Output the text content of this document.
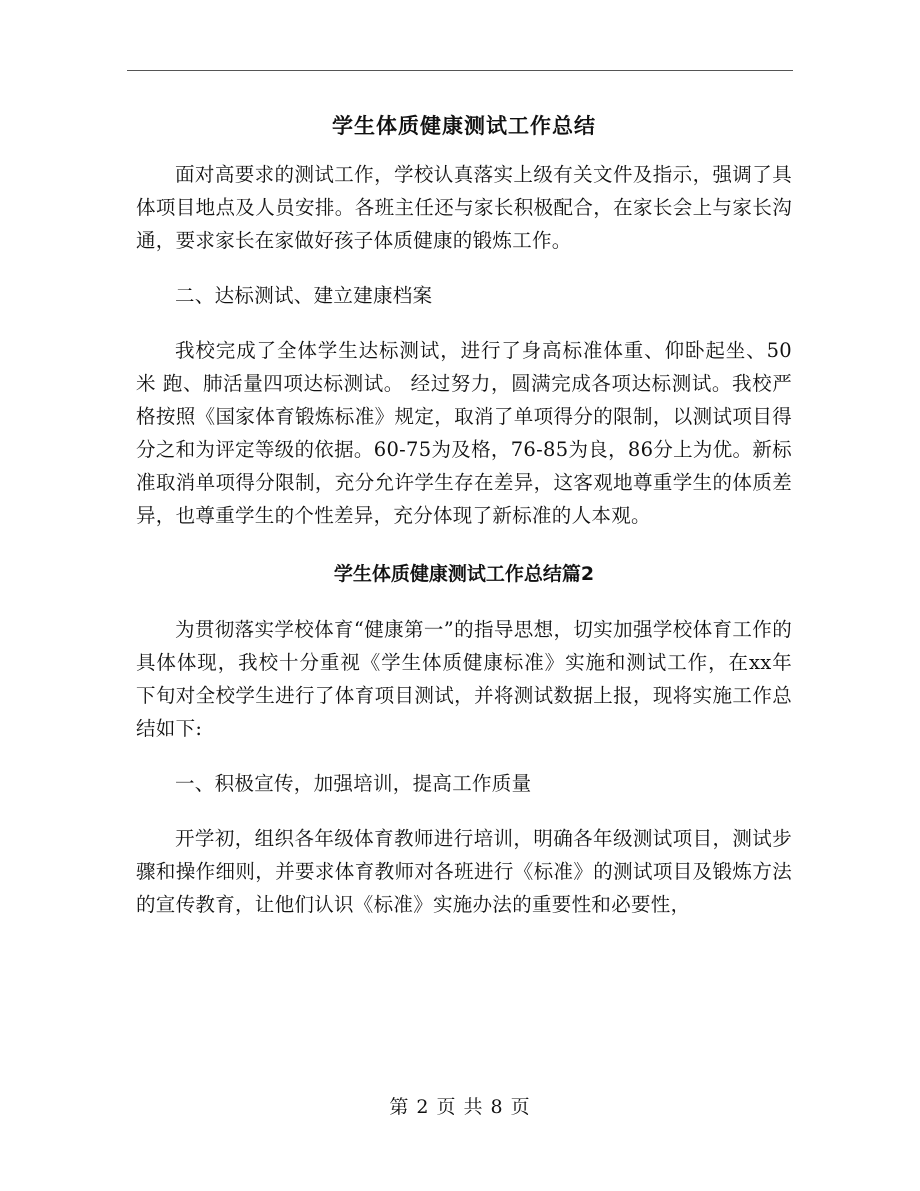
学生体质健康测试工作总结

面对高要求的测试工作，学校认真落实上级有关文件及指示，强调了具体项目地点及人员安排。各班主任还与家长积极配合，在家长会上与家长沟通，要求家长在家做好孩子体质健康的锻炼工作。

二、达标测试、建立建康档案

我校完成了全体学生达标测试，进行了身高标准体重、仰卧起坐、50米 跑、肺活量四项达标测试。 经过努力，圆满完成各项达标测试。我校严格按照《国家体育锻炼标准》规定，取消了单项得分的限制，以测试项目得分之和为评定等级的依据。60-75为及格，76-85为良，86分上为优。新标准取消单项得分限制，充分允许学生存在差异，这客观地尊重学生的体质差异，也尊重学生的个性差异，充分体现了新标准的人本观。

学生体质健康测试工作总结篇2

为贯彻落实学校体育“健康第一”的指导思想，切实加强学校体育工作的具体体现，我校十分重视《学生体质健康标准》实施和测试工作，在xx年下旬对全校学生进行了体育项目测试，并将测试数据上报，现将实施工作总结如下:

一、积极宣传，加强培训，提高工作质量

开学初，组织各年级体育教师进行培训，明确各年级测试项目，测试步骤和操作细则，并要求体育教师对各班进行《标准》的测试项目及锻炼方法的宣传教育，让他们认识《标准》实施办法的重要性和必要性，

第 2 页 共 8 页
